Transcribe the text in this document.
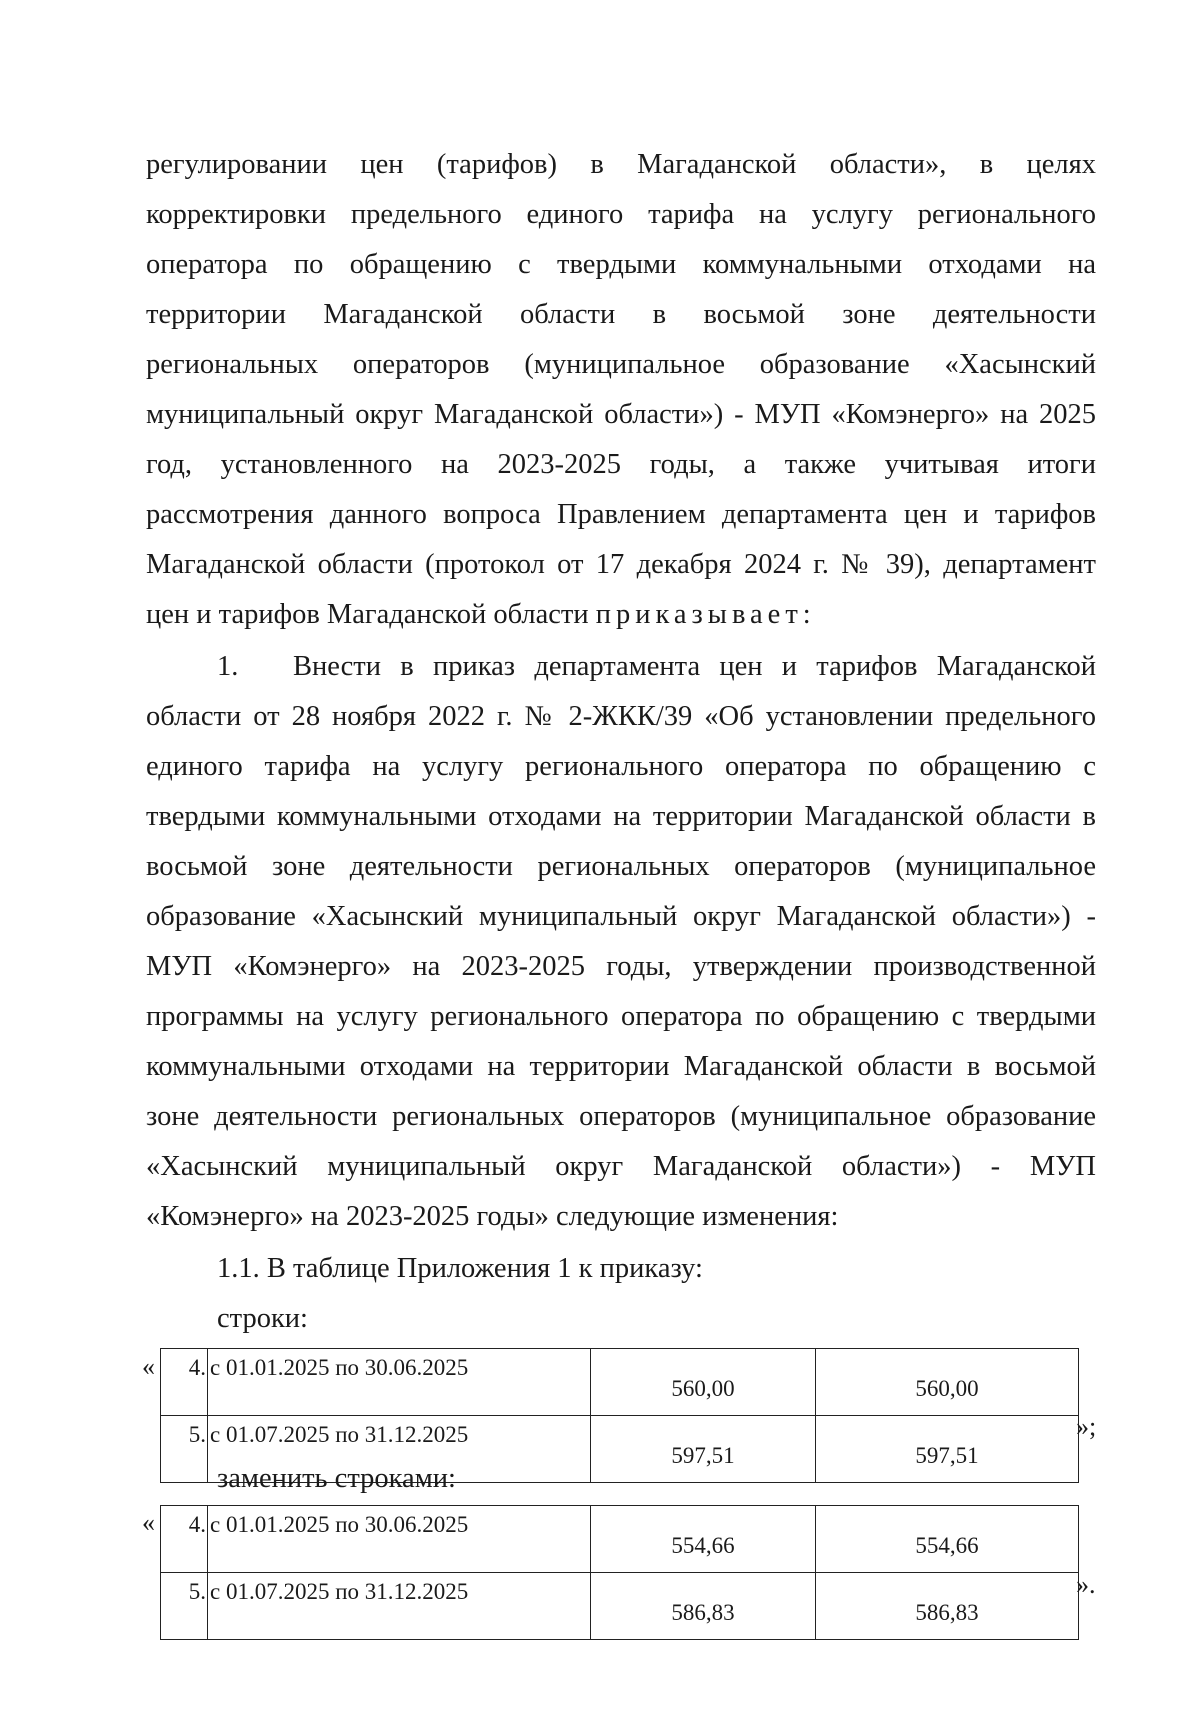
регулировании цен (тарифов) в Магаданской области», в целях
корректировки предельного единого тарифа на услугу регионального
оператора по обращению с твердыми коммунальными отходами на
территории Магаданской области в восьмой зоне деятельности
региональных операторов (муниципальное образование «Хасынский
муниципальный округ Магаданской области») - МУП «Комэнерго» на 2025
год, установленного на 2023-2025 годы, а также учитывая итоги
рассмотрения данного вопроса Правлением департамента цен и тарифов
Магаданской области (протокол от 17 декабря 2024 г. № 39), департамент
цен и тарифов Магаданской области приказывает:
1. Внести в приказ департамента цен и тарифов Магаданской
области от 28 ноября 2022 г. № 2-ЖКК/39 «Об установлении предельного
единого тарифа на услугу регионального оператора по обращению с
твердыми коммунальными отходами на территории Магаданской области в
восьмой зоне деятельности региональных операторов (муниципальное
образование «Хасынский муниципальный округ Магаданской области») -
МУП «Комэнерго» на 2023-2025 годы, утверждении производственной
программы на услугу регионального оператора по обращению с твердыми
коммунальными отходами на территории Магаданской области в восьмой
зоне деятельности региональных операторов (муниципальное образование
«Хасынский муниципальный округ Магаданской области») - МУП
«Комэнерго» на 2023-2025 годы» следующие изменения:
1.1. В таблице Приложения 1 к приказу:
строки:
« 4.	с 01.01.2025 по 30.06.2025	560,00	560,00
5.	с 01.07.2025 по 31.12.2025	597,51	597,51
»;
заменить строками:
« 4.	с 01.01.2025 по 30.06.2025	554,66	554,66
5.	с 01.07.2025 по 31.12.2025	586,83	586,83
».
